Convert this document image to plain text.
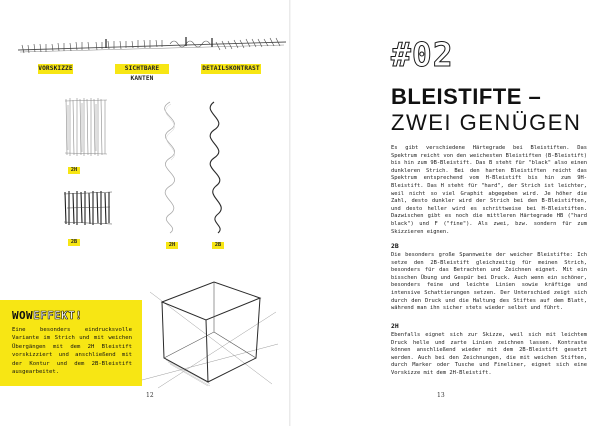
VORSKIZZE	SICHTBARE KANTEN
DETAILSKONTRAST
2H
2B	2H	2B
WOWEFFEKT!
Eine besonders eindrucksvolle Variante im Strich und mit weichen Übergängen mit dem 2H Bleistift vorskizziert und anschließend mit der Kontur und dem 2B-Bleistift ausgearbeitet.
12
#02
BLEISTIFTE –
ZWEI GENÜGEN
Es gibt verschiedene Härtegrade bei Bleistiften. Das Spektrum reicht von den weichesten Bleistiften (B-Bleistift) bis hin zum 9B-Bleistift. Das B steht für "black" also einen dunkleren Strich. Bei den harten Bleistiften reicht das Spektrum entsprechend vom H-Bleistift bis hin zum 9H-Bleistift. Das H steht für "hard", der Strich ist leichter, weil nicht so viel Graphit abgegeben wird. Je höher die Zahl, desto dunkler wird der Strich bei den B-Bleistiften, und desto heller wird es schrittweise bei H-Bleistiften. Dazwischen gibt es noch die mittleren Härtegrade HB ("hard black") und F ("fine"). Als zwei, bzw. sondern für zum Skizzieren eignen.
2B
Die besonders große Spannweite der weicher Bleistifte: Ich setze den 2B-Bleistift gleichzeitig für meinen Strich, besonders für das Betrachten und Zeichnen eignet. Mit ein bisschen Übung und Gespür bei Druck. Auch wenn ein schöner, besonders feine und leichte Linien sowie kräftige und intensive Schattierungen setzen. Der Unterschied zeigt sich durch den Druck und die Haltung des Stiftes auf dem Blatt, während man ihn sicher stets wieder selbst und führt.
2H
Ebenfalls eignet sich zur Skizze, weil sich mit leichtem Druck helle und zarte Linien zeichnen lassen. Kontraste können anschließend wieder mit dem 2B-Bleistift gesetzt werden. Auch bei den Zeichnungen, die mit weichen Stiften, durch Marker oder Tusche und Fineliner, eignet sich eine Vorskizze mit dem 2H-Bleistift.
13
